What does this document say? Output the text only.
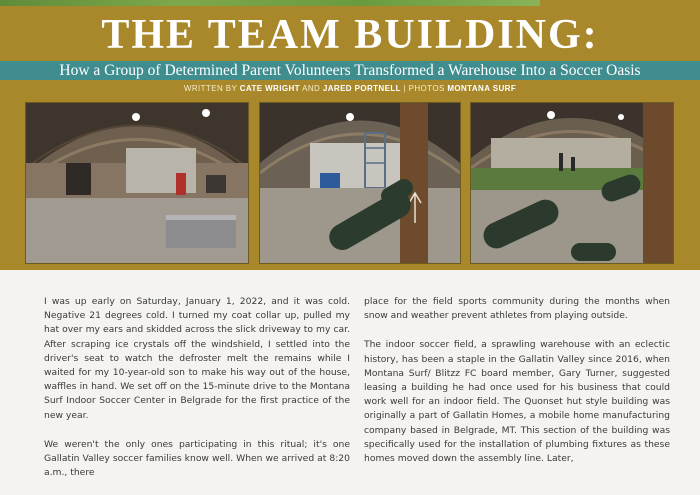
THE TEAM BUILDING:
How a Group of Determined Parent Volunteers Transformed a Warehouse Into a Soccer Oasis
WRITTEN BY CATE WRIGHT AND JARED PORTNELL | PHOTOS MONTANA SURF

I was up early on Saturday, January 1, 2022, and it was cold. Negative 21 degrees cold. I turned my coat collar up, pulled my hat over my ears and skidded across the slick driveway to my car. After scraping ice crystals off the windshield, I settled into the driver's seat to watch the defroster melt the remains while I waited for my 10-year-old son to make his way out of the house, waffles in hand. We set off on the 15-minute drive to the Montana Surf Indoor Soccer Center in Belgrade for the first practice of the new year.

We weren't the only ones participating in this ritual; it's one Gallatin Valley soccer families know well. When we arrived at 8:20 a.m., there

place for the field sports community during the months when snow and weather prevent athletes from playing outside.

The indoor soccer field, a sprawling warehouse with an eclectic history, has been a staple in the Gallatin Valley since 2016, when Montana Surf/ Blitzz FC board member, Gary Turner, suggested leasing a building he had once used for his business that could work well for an indoor field. The Quonset hut style building was originally a part of Gallatin Homes, a mobile home manufacturing company based in Belgrade, MT. This section of the building was specifically used for the installation of plumbing fixtures as these homes moved down the assembly line. Later,
